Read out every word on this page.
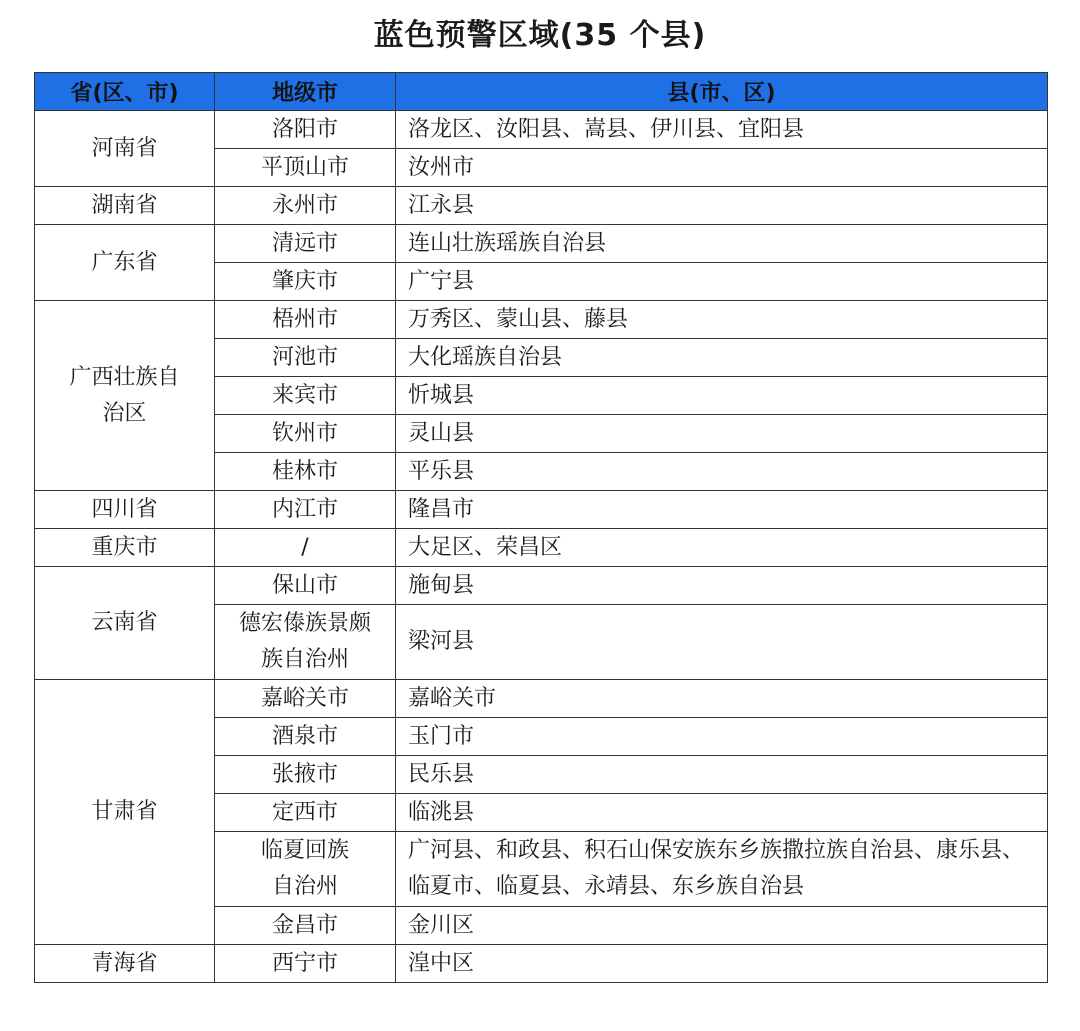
蓝色预警区域(35 个县)
省(区、市)	地级市	县(市、区)
河南省	洛阳市	洛龙区、汝阳县、嵩县、伊川县、宜阳县
	平顶山市	汝州市
湖南省	永州市	江永县
广东省	清远市	连山壮族瑶族自治县
	肇庆市	广宁县
广西壮族自治区	梧州市	万秀区、蒙山县、藤县
	河池市	大化瑶族自治县
	来宾市	忻城县
	钦州市	灵山县
	桂林市	平乐县
四川省	内江市	隆昌市
重庆市	/	大足区、荣昌区
云南省	保山市	施甸县
	德宏傣族景颇族自治州	梁河县
甘肃省	嘉峪关市	嘉峪关市
	酒泉市	玉门市
	张掖市	民乐县
	定西市	临洮县
	临夏回族自治州	广河县、和政县、积石山保安族东乡族撒拉族自治县、康乐县、临夏市、临夏县、永靖县、东乡族自治县
	金昌市	金川区
青海省	西宁市	湟中区
